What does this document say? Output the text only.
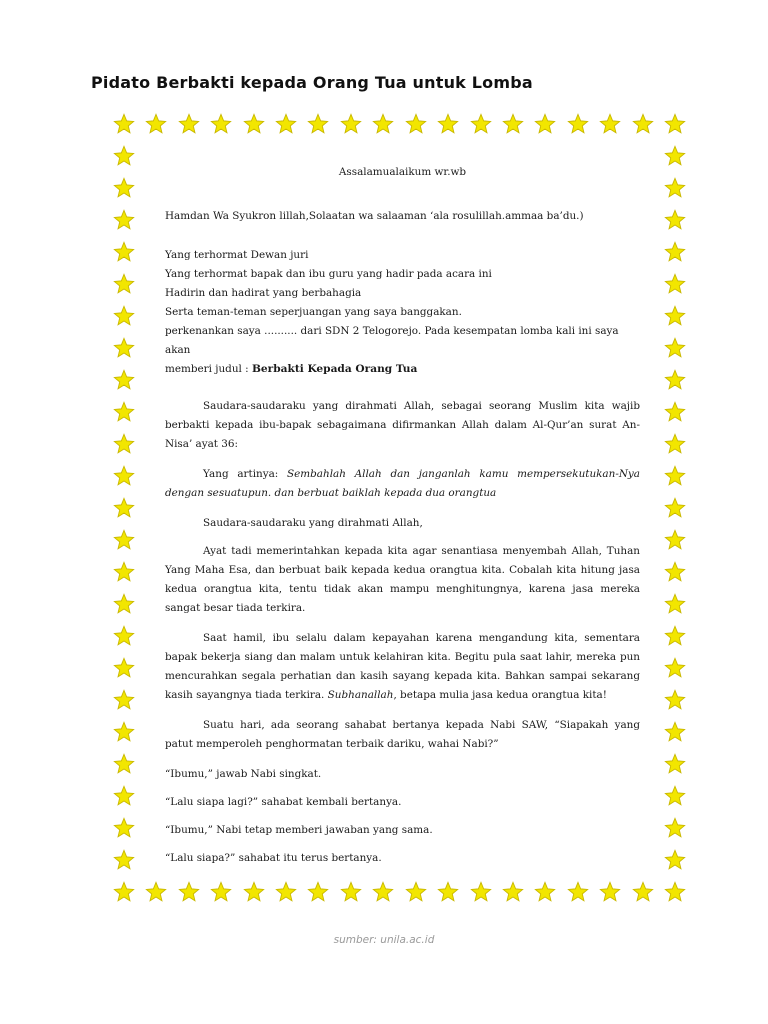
Pidato Berbakti kepada Orang Tua untuk Lomba

Assalamualaikum wr.wb

Hamdan Wa Syukron lillah,Solaatan wa salaaman ‘ala rosulillah.ammaa ba’du.)

Yang terhormat Dewan juri

Yang terhormat bapak dan ibu guru yang hadir pada acara ini

Hadirin dan hadirat yang berbahagia

Serta teman-teman seperjuangan yang saya banggakan.

perkenankan saya .......... dari SDN 2 Telogorejo. Pada kesempatan lomba kali ini saya akan

memberi judul : Berbakti Kepada Orang Tua

Saudara-saudaraku yang dirahmati Allah, sebagai seorang Muslim kita wajib berbakti kepada ibu-bapak sebagaimana difirmankan Allah dalam Al-Qur’an surat An-Nisa’ ayat 36:

Yang artinya: Sembahlah Allah dan janganlah kamu mempersekutukan-Nya dengan sesuatupun. dan berbuat baiklah kepada dua orangtua

Saudara-saudaraku yang dirahmati Allah,

Ayat tadi memerintahkan kepada kita agar senantiasa menyembah Allah, Tuhan Yang Maha Esa, dan berbuat baik kepada kedua orangtua kita. Cobalah kita hitung jasa kedua orangtua kita, tentu tidak akan mampu menghitungnya, karena jasa mereka sangat besar tiada terkira.

Saat hamil, ibu selalu dalam kepayahan karena mengandung kita, sementara bapak bekerja siang dan malam untuk kelahiran kita. Begitu pula saat lahir, mereka pun mencurahkan segala perhatian dan kasih sayang kepada kita. Bahkan sampai sekarang kasih sayangnya tiada terkira. Subhanallah, betapa mulia jasa kedua orangtua kita!

Suatu hari, ada seorang sahabat bertanya kepada Nabi SAW, “Siapakah yang patut memperoleh penghormatan terbaik dariku, wahai Nabi?”

“Ibumu,” jawab Nabi singkat.

“Lalu siapa lagi?” sahabat kembali bertanya.

“Ibumu,” Nabi tetap memberi jawaban yang sama.

“Lalu siapa?” sahabat itu terus bertanya.

sumber: unila.ac.id
